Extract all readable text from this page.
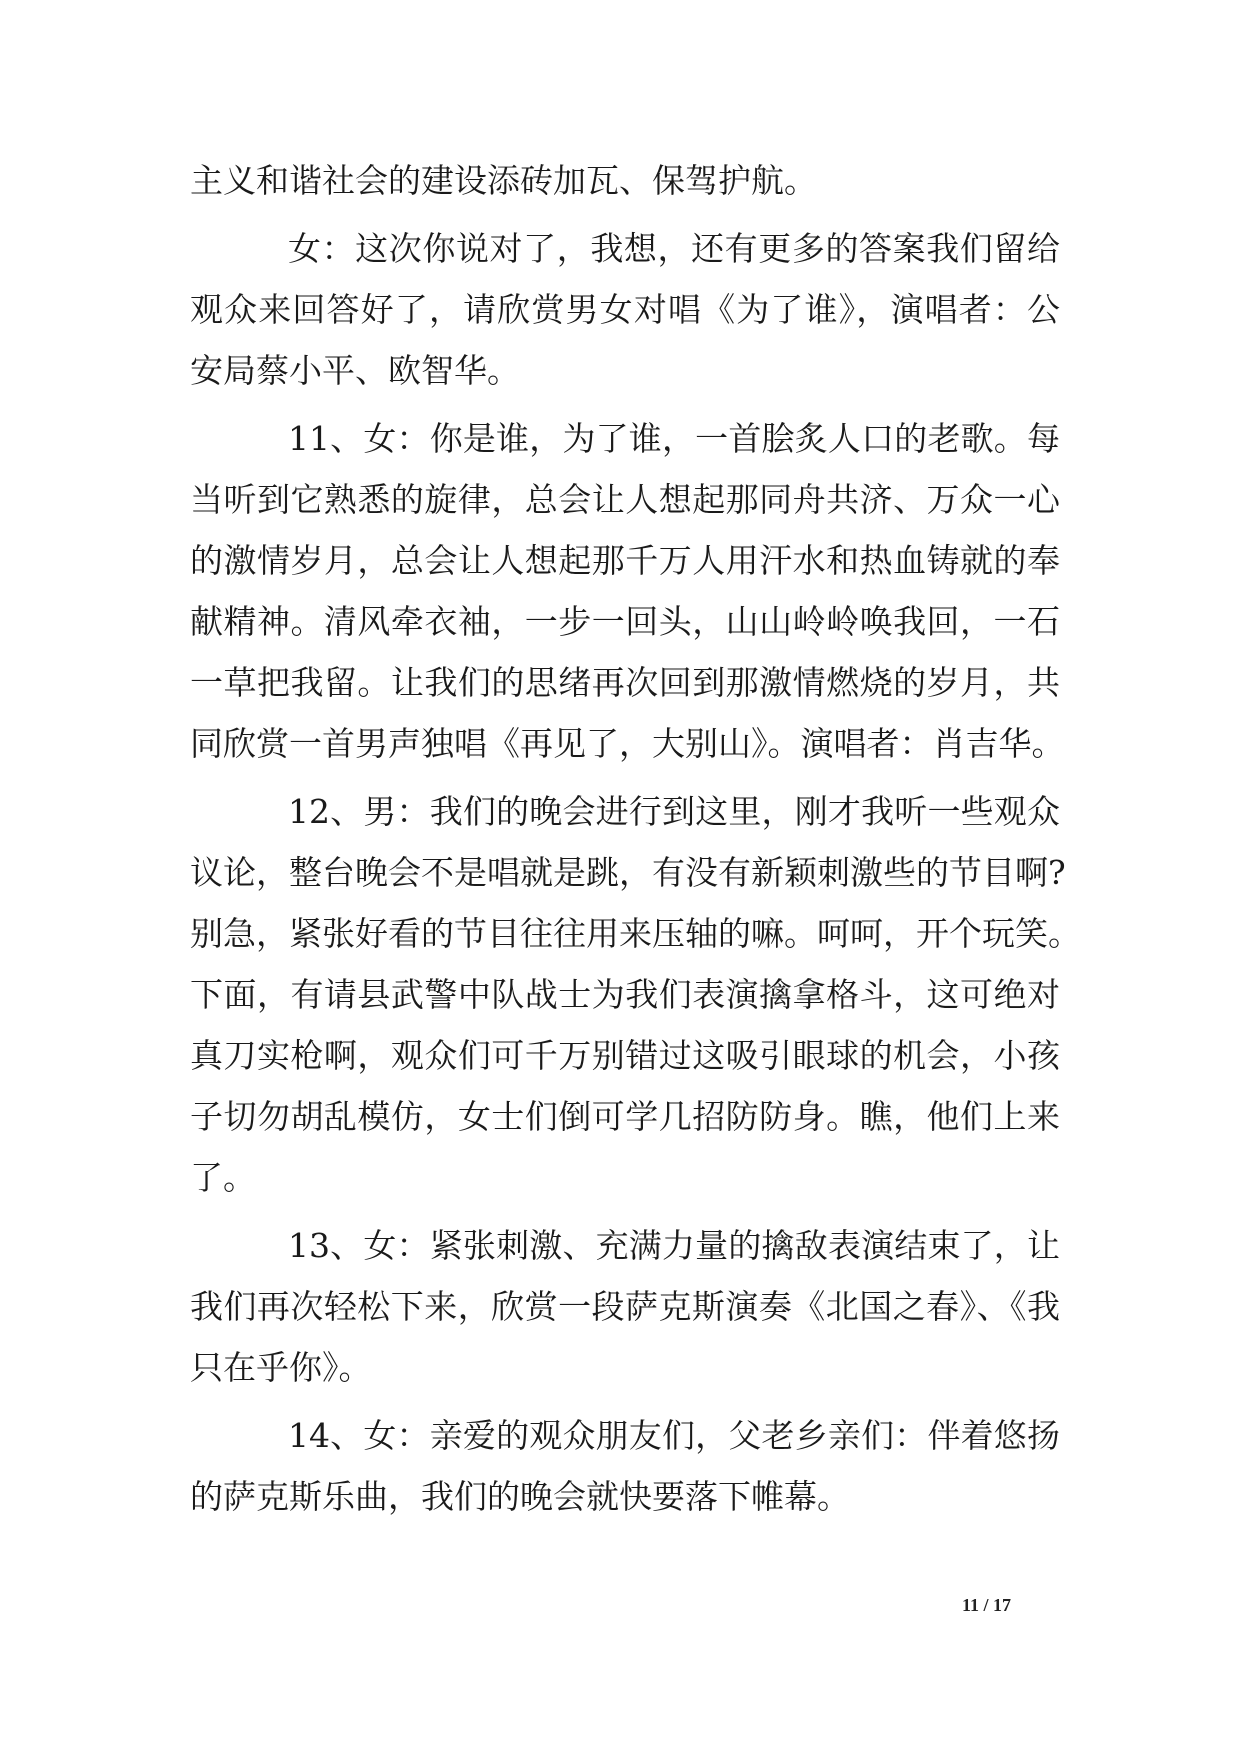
主义和谐社会的建设添砖加瓦、保驾护航。
女：这次你说对了，我想，还有更多的答案我们留给
观众来回答好了，请欣赏男女对唱《为了谁》，演唱者：公
安局蔡小平、欧智华。
11、女：你是谁，为了谁，一首脍炙人口的老歌。每
当听到它熟悉的旋律，总会让人想起那同舟共济、万众一心
的激情岁月，总会让人想起那千万人用汗水和热血铸就的奉
献精神。清风牵衣袖，一步一回头，山山岭岭唤我回，一石
一草把我留。让我们的思绪再次回到那激情燃烧的岁月，共
同欣赏一首男声独唱《再见了，大别山》。演唱者：肖吉华。
12、男：我们的晚会进行到这里，刚才我听一些观众
议论，整台晚会不是唱就是跳，有没有新颖刺激些的节目啊?
别急，紧张好看的节目往往用来压轴的嘛。呵呵，开个玩笑。
下面，有请县武警中队战士为我们表演擒拿格斗，这可绝对
真刀实枪啊，观众们可千万别错过这吸引眼球的机会，小孩
子切勿胡乱模仿，女士们倒可学几招防防身。瞧，他们上来
了。
13、女：紧张刺激、充满力量的擒敌表演结束了，让
我们再次轻松下来，欣赏一段萨克斯演奏《北国之春》、《我
只在乎你》。
14、女：亲爱的观众朋友们，父老乡亲们：伴着悠扬
的萨克斯乐曲，我们的晚会就快要落下帷幕。
11 / 17
